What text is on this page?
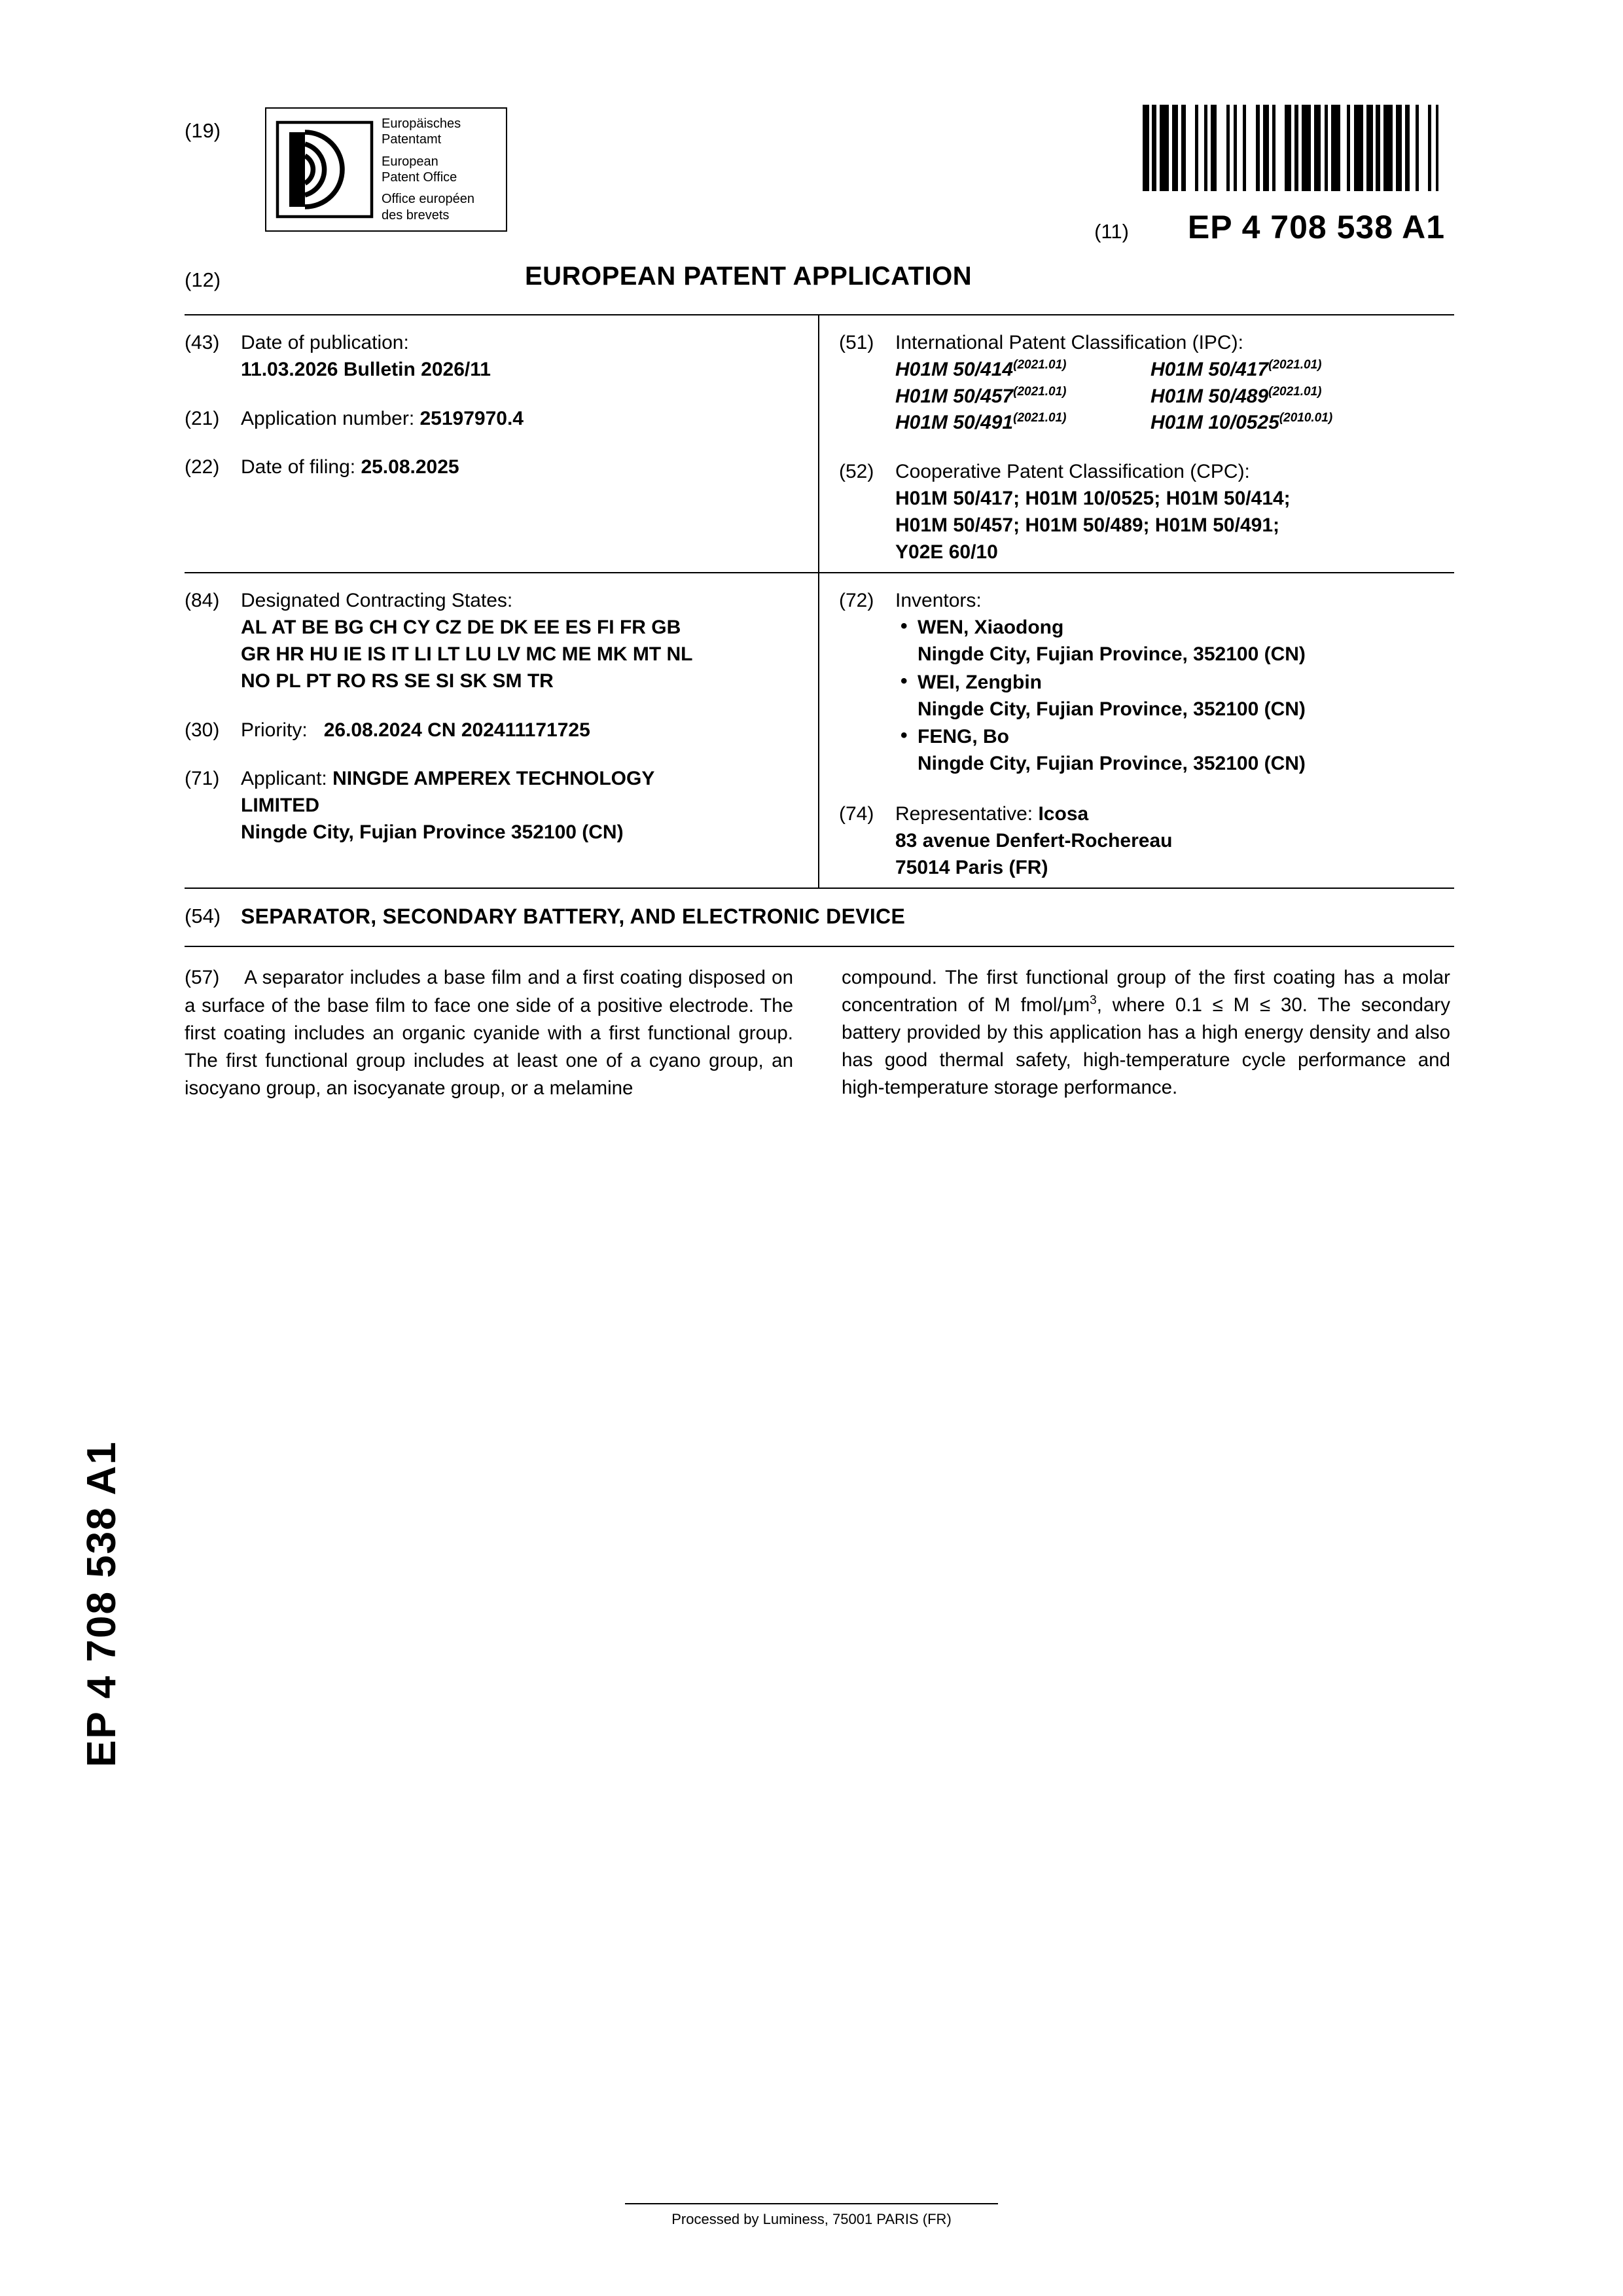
EP 4 708 538 A1
(19)	Europäisches
Patentamt
European
Patent Office
Office européen
des brevets
(11) EP 4 708 538 A1
(12)	EUROPEAN PATENT APPLICATION
(43)	Date of publication:
11.03.2026 Bulletin 2026/11
(21)	Application number: 25197970.4
(22)	Date of filing: 25.08.2025
(51)	International Patent Classification (IPC):
H01M $50/414^{(2021.01)}$	H01M $50/417^{(2021.01)}$
H01M $50/457^{(2021.01)}$	H01M $50/489^{(2021.01)}$
H01M $50/491^{(2021.01)}$	H01M $10/0525^{(2010.01)}$
(52)	Cooperative Patent Classification (CPC):
H01M 50/417; H01M 10/0525; H01M 50/414;
H01M 50/457; H01M 50/489; H01M 50/491;
Y02E 60/10
(84)	Designated Contracting States:
AL AT BE BG CH CY CZ DE DK EE ES FI FR GB
GR HR HU IE IS IT LI LT LU LV MC ME MK MT NL
NO PL PT RO RS SE SI SK SM TR
(30)	Priority: 26.08.2024 CN 202411171725
(71)	Applicant: NINGDE AMPEREX TECHNOLOGY
LIMITED
Ningde City, Fujian Province 352100 (CN)
(72)	Inventors:
• WEN, Xiaodong
Ningde City, Fujian Province, 352100 (CN)
• WEI, Zengbin
Ningde City, Fujian Province, 352100 (CN)
• FENG, Bo
Ningde City, Fujian Province, 352100 (CN)
(74)	Representative: Icosa
83 avenue Denfert-Rochereau
75014 Paris (FR)
(54) SEPARATOR, SECONDARY BATTERY, AND ELECTRONIC DEVICE

(57) A separator includes a base film and a first coating disposed on a surface of the base film to face one side of a positive electrode. The first coating includes an organic cyanide with a first functional group. The first functional group includes at least one of a cyano group, an isocyano group, an isocyanate group, or a melamine

compound. The first functional group of the first coating has a molar concentration of M fmol/$\mu m^3$, where 0.1 ≤ M ≤ 30. The secondary battery provided by this application has a high energy density and also has good thermal safety, high-temperature cycle performance and high-temperature storage performance.

Processed by Luminess, 75001 PARIS (FR)
